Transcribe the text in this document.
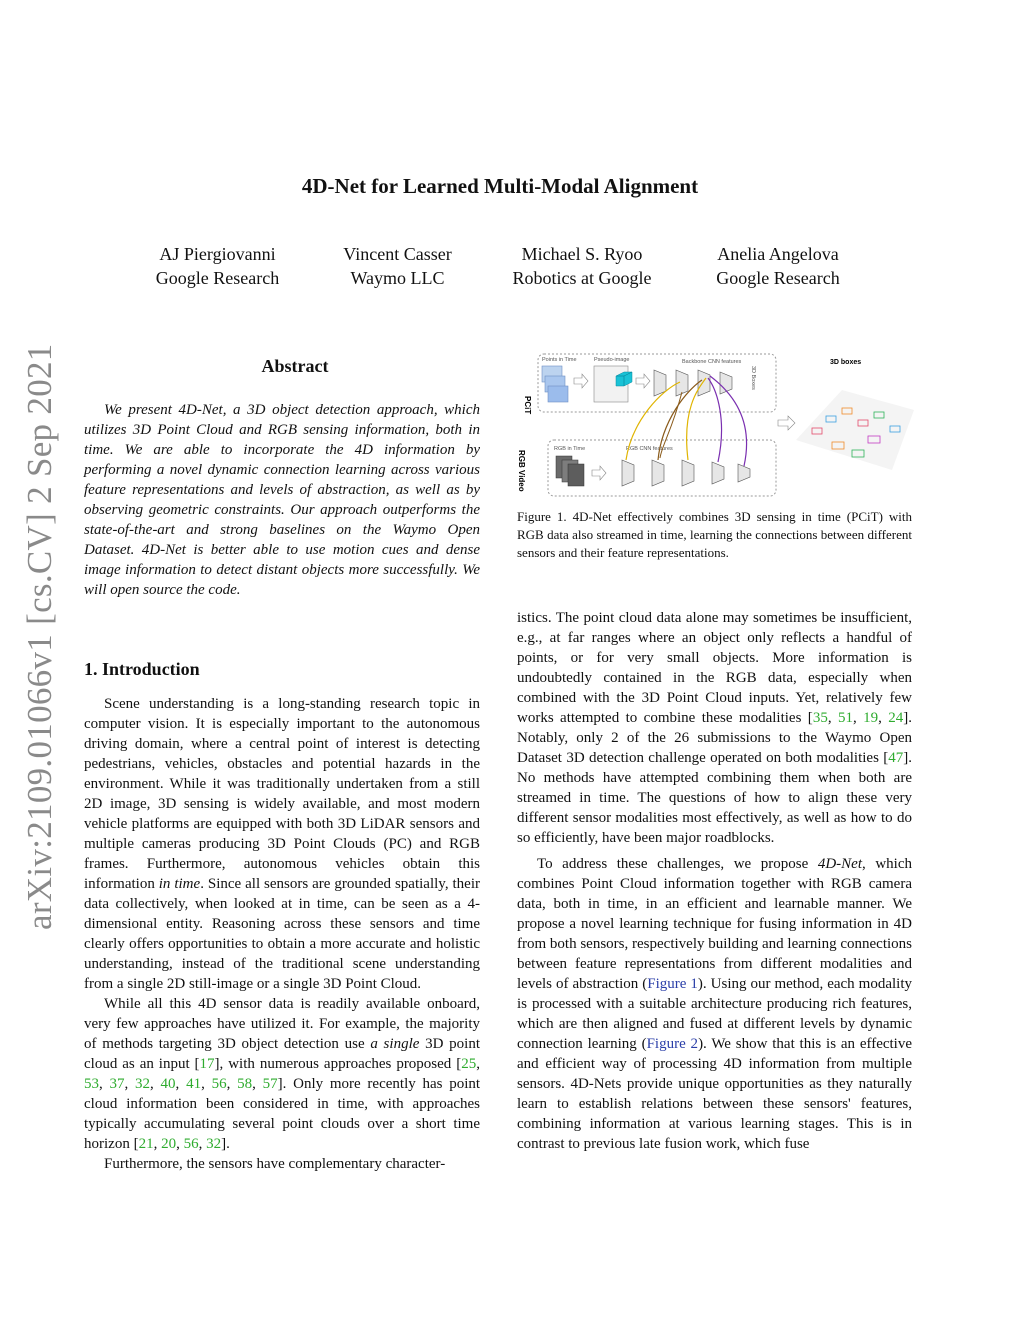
4D-Net for Learned Multi-Modal Alignment
AJ Piergiovanni
Google Research
Vincent Casser
Waymo LLC
Michael S. Ryoo
Robotics at Google
Anelia Angelova
Google Research
arXiv:2109.01066v1 [cs.CV] 2 Sep 2021	Abstract
We present 4D-Net, a 3D object detection approach, which utilizes 3D Point Cloud and RGB sensing information, both in time. We are able to incorporate the 4D information by performing a novel dynamic connection learning across various feature representations and levels of abstraction, as well as by observing geometric constraints. Our approach outperforms the state-of-the-art and strong baselines on the Waymo Open Dataset. 4D-Net is better able to use motion cues and dense image information to detect distant objects more successfully. We will open source the code.
1. Introduction

Scene understanding is a long-standing research topic in computer vision. It is especially important to the autonomous driving domain, where a central point of interest is detecting pedestrians, vehicles, obstacles and potential hazards in the environment. While it was traditionally undertaken from a still 2D image, 3D sensing is widely available, and most modern vehicle platforms are equipped with both 3D LiDAR sensors and multiple cameras producing 3D Point Clouds (PC) and RGB frames. Furthermore, autonomous vehicles obtain this information in time. Since all sensors are grounded spatially, their data collectively, when looked at in time, can be seen as a 4-dimensional entity. Reasoning across these sensors and time clearly offers opportunities to obtain a more accurate and holistic understanding, instead of the traditional scene understanding from a single 2D still-image or a single 3D Point Cloud.

While all this 4D sensor data is readily available onboard, very few approaches have utilized it. For example, the majority of methods targeting 3D object detection use a single 3D point cloud as an input [17], with numerous approaches proposed [25, 53, 37, 32, 40, 41, 56, 58, 57]. Only more recently has point cloud information been considered in time, with approaches typically accumulating several point clouds over a short time horizon [21, 20, 56, 32].

Furthermore, the sensors have complementary character-

PCiT
RGB Video
Points in Time	Pseudo-image	Backbone CNN features
3D Boxes
3D boxes
RGB in Time	RGB CNN features
Figure 1. 4D-Net effectively combines 3D sensing in time (PCiT) with RGB data also streamed in time, learning the connections between different sensors and their feature representations.

istics. The point cloud data alone may sometimes be insufficient, e.g., at far ranges where an object only reflects a handful of points, or for very small objects. More information is undoubtedly contained in the RGB data, especially when combined with the 3D Point Cloud inputs. Yet, relatively few works attempted to combine these modalities [35, 51, 19, 24]. Notably, only 2 of the 26 submissions to the Waymo Open Dataset 3D detection challenge operated on both modalities [47]. No methods have attempted combining them when both are streamed in time. The questions of how to align these very different sensor modalities most effectively, as well as how to do so efficiently, have been major roadblocks.

To address these challenges, we propose 4D-Net, which combines Point Cloud information together with RGB camera data, both in time, in an efficient and learnable manner. We propose a novel learning technique for fusing information in 4D from both sensors, respectively building and learning connections between feature representations from different modalities and levels of abstraction (Figure 1). Using our method, each modality is processed with a suitable architecture producing rich features, which are then aligned and fused at different levels by dynamic connection learning (Figure 2). We show that this is an effective and efficient way of processing 4D information from multiple sensors. 4D-Nets provide unique opportunities as they naturally learn to establish relations between these sensors' features, combining information at various learning stages. This is in contrast to previous late fusion work, which fuse
